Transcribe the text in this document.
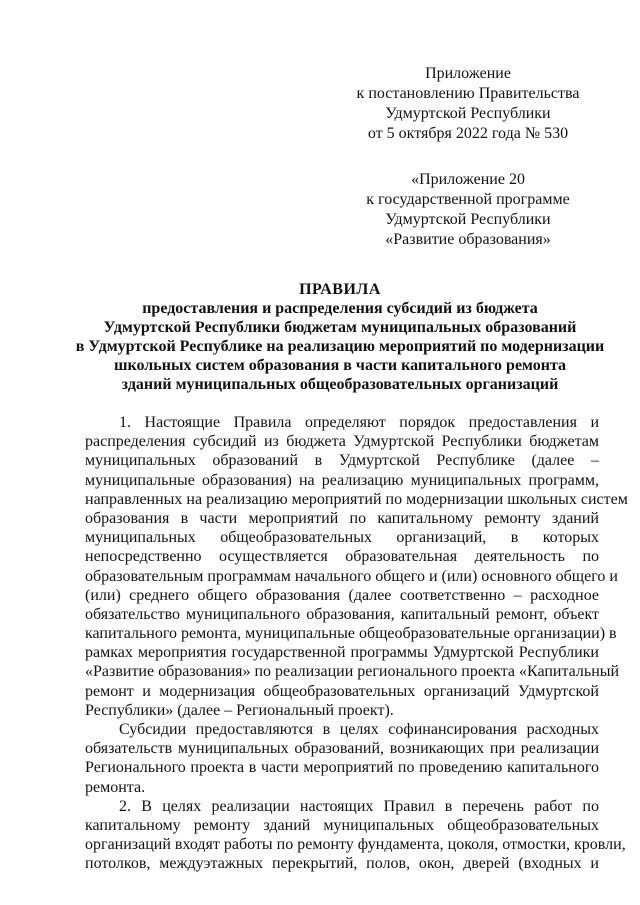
Приложение
к постановлению Правительства
Удмуртской Республики
от 5 октября 2022 года № 530
«Приложение 20
к государственной программе
Удмуртской Республики
«Развитие образования»
ПРАВИЛА
предоставления и распределения субсидий из бюджета
Удмуртской Республики бюджетам муниципальных образований
в Удмуртской Республике на реализацию мероприятий по модернизации
школьных систем образования в части капитального ремонта
зданий муниципальных общеобразовательных организаций
1. Настоящие Правила определяют порядок предоставления и
распределения субсидий из бюджета Удмуртской Республики бюджетам
муниципальных образований в Удмуртской Республике (далее –
муниципальные образования) на реализацию муниципальных программ,
направленных на реализацию мероприятий по модернизации школьных систем
образования в части мероприятий по капитальному ремонту зданий
муниципальных общеобразовательных организаций, в которых
непосредственно осуществляется образовательная деятельность по
образовательным программам начального общего и (или) основного общего и
(или) среднего общего образования (далее соответственно – расходное
обязательство муниципального образования, капитальный ремонт, объект
капитального ремонта, муниципальные общеобразовательные организации) в
рамках мероприятия государственной программы Удмуртской Республики
«Развитие образования» по реализации регионального проекта «Капитальный
ремонт и модернизация общеобразовательных организаций Удмуртской
Республики» (далее – Региональный проект).
Субсидии предоставляются в целях софинансирования расходных
обязательств муниципальных образований, возникающих при реализации
Регионального проекта в части мероприятий по проведению капитального
ремонта.
2. В целях реализации настоящих Правил в перечень работ по
капитальному ремонту зданий муниципальных общеобразовательных
организаций входят работы по ремонту фундамента, цоколя, отмостки, кровли,
потолков, междуэтажных перекрытий, полов, окон, дверей (входных и
